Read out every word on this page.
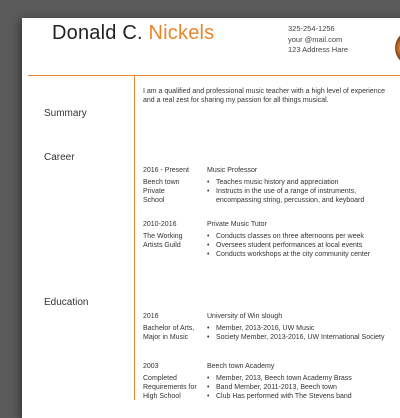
Donald C. Nickels	325-254-1256
your @mail.com
123 Address Hare
Summary
I am a qualified and professional music teacher with a high level of experience and a real zest for sharing my passion for all things musical.
Career
2016 - Present
Beech town Private School
Music Professor
• Teaches music history and appreciation
• Instructs in the use of a range of instruments, encompassing string, percussion, and keyboard
2010-2016
The Working Artists Guild
Private Music Tutor
• Conducts classes on three afternoons per week
• Oversees student performances at local events
• Conducts workshops at the city community center
Education
2016
Bachelor of Arts, Major in Music
University of Win slough
• Member, 2013-2016, UW Music
• Society Member, 2013-2016, UW International Society
2003
Completed Requirements for High School
Beech town Academy
• Member, 2013, Beech town Academy Brass
• Band Member, 2011-2013, Beech town
• Club Has performed with The Stevens band
